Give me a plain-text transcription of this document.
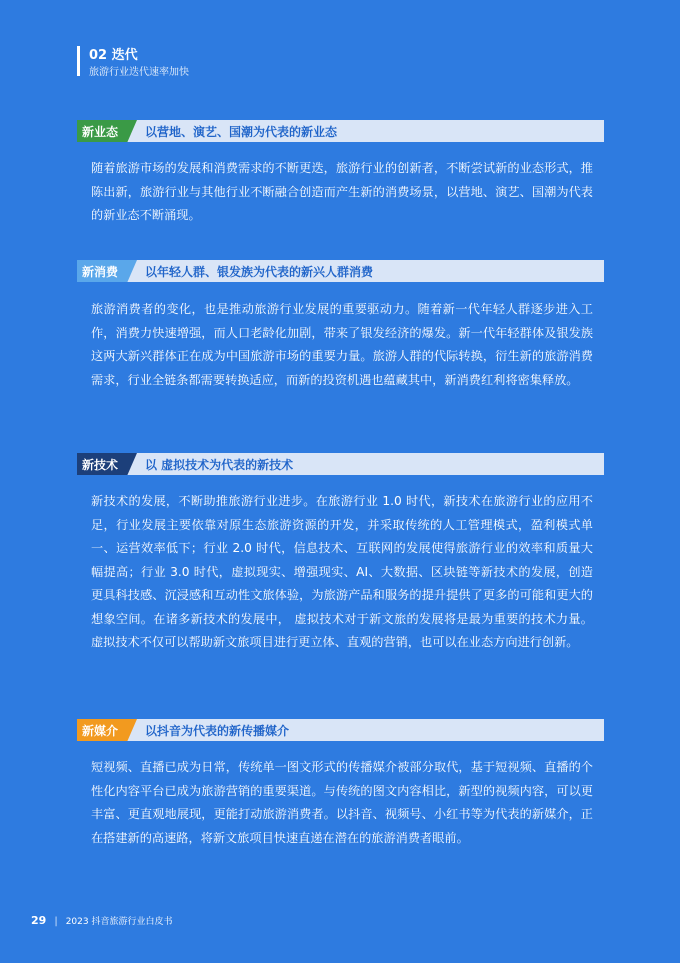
02 迭代
旅游行业迭代速率加快
新业态 以营地、演艺、国潮为代表的新业态
随着旅游市场的发展和消费需求的不断更迭，旅游行业的创新者，不断尝试新的业态形式，推陈出新，旅游行业与其他行业不断融合创造而产生新的消费场景，以营地、演艺、国潮为代表的新业态不断涌现。
新消费 以年轻人群、银发族为代表的新兴人群消费
旅游消费者的变化，也是推动旅游行业发展的重要驱动力。随着新一代年轻人群逐步进入工作，消费力快速增强，而人口老龄化加剧，带来了银发经济的爆发。新一代年轻群体及银发族这两大新兴群体正在成为中国旅游市场的重要力量。旅游人群的代际转换，衍生新的旅游消费需求，行业全链条都需要转换适应，而新的投资机遇也蕴藏其中，新消费红利将密集释放。
新技术 以 虚拟技术为代表的新技术
新技术的发展，不断助推旅游行业进步。在旅游行业 1.0 时代，新技术在旅游行业的应用不足，行业发展主要依靠对原生态旅游资源的开发，并采取传统的人工管理模式，盈利模式单一、运营效率低下；行业 2.0 时代，信息技术、互联网的发展使得旅游行业的效率和质量大幅提高；行业 3.0 时代，虚拟现实、增强现实、AI、大数据、区块链等新技术的发展，创造更具科技感、沉浸感和互动性文旅体验，为旅游产品和服务的提升提供了更多的可能和更大的想象空间。在诸多新技术的发展中， 虚拟技术对于新文旅的发展将是最为重要的技术力量。虚拟技术不仅可以帮助新文旅项目进行更立体、直观的营销，也可以在业态方向进行创新。
新媒介 以抖音为代表的新传播媒介
短视频、直播已成为日常，传统单一图文形式的传播媒介被部分取代，基于短视频、直播的个性化内容平台已成为旅游营销的重要渠道。与传统的图文内容相比，新型的视频内容，可以更丰富、更直观地展现，更能打动旅游消费者。以抖音、视频号、小红书等为代表的新媒介，正在搭建新的高速路，将新文旅项目快速直递在潜在的旅游消费者眼前。
29 | 2023 抖音旅游行业白皮书
